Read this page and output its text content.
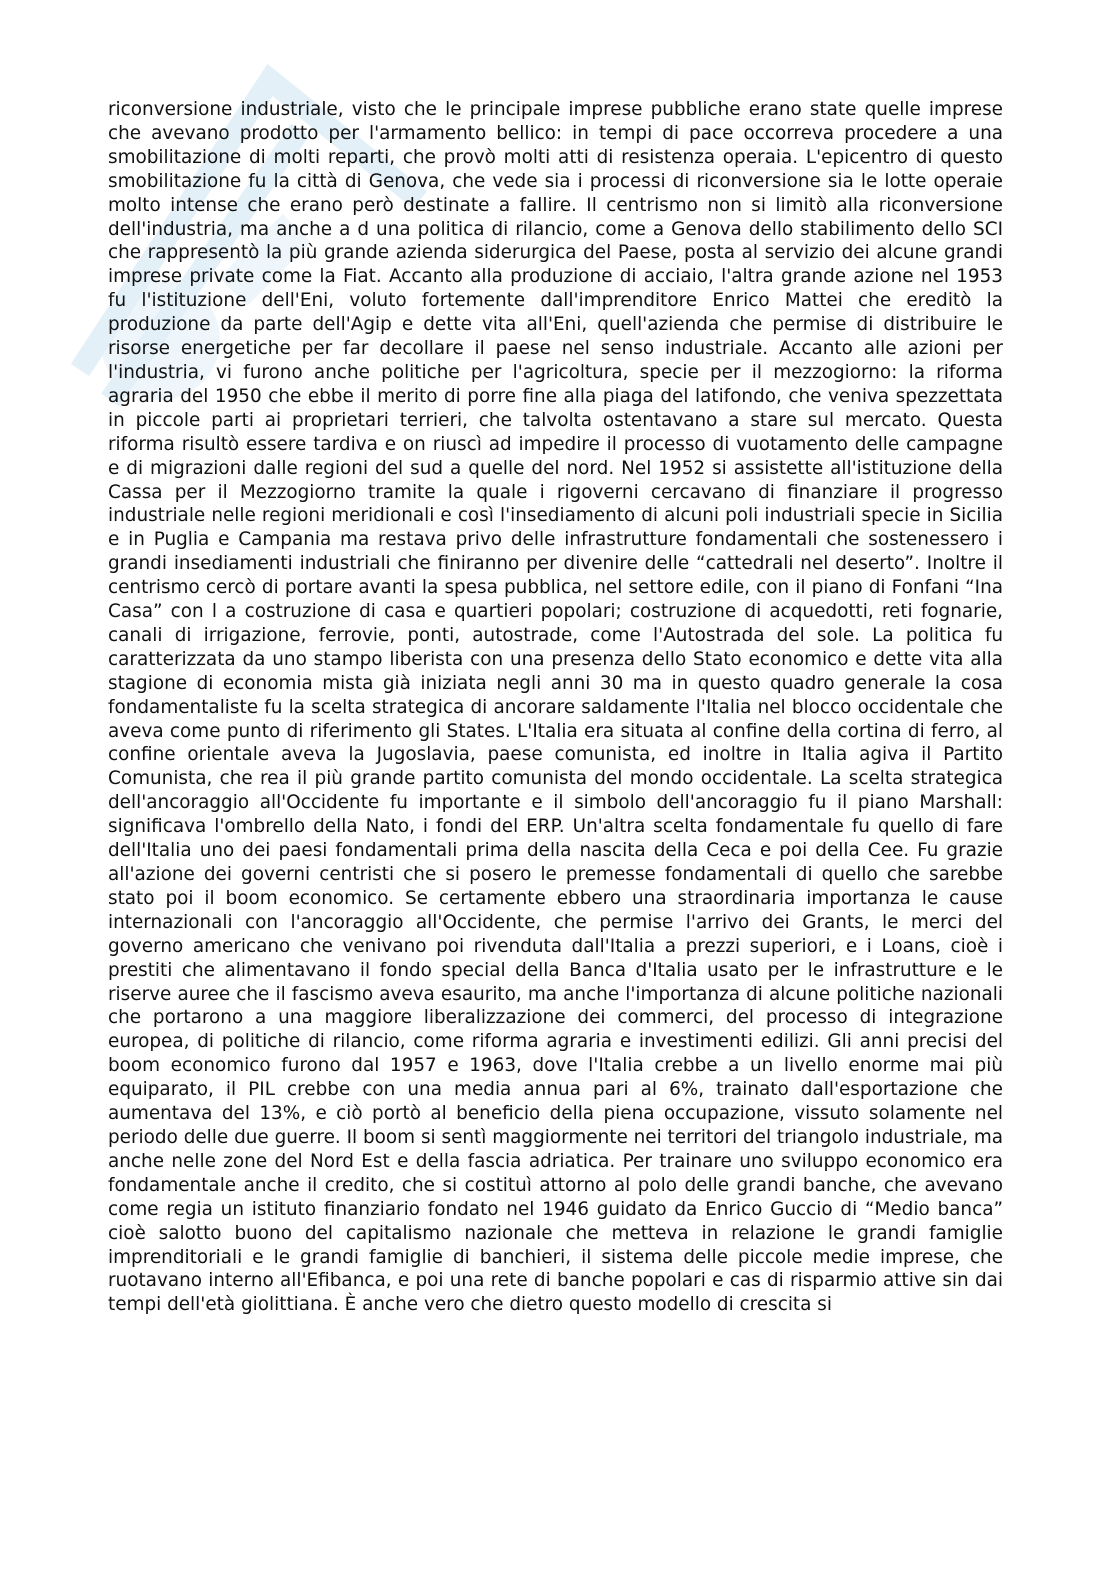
riconversione industriale, visto che le principale imprese pubbliche erano state quelle imprese che avevano prodotto per l'armamento bellico: in tempi di pace occorreva procedere a una smobilitazione di molti reparti, che provò molti atti di resistenza operaia. L'epicentro di questo smobilitazione fu la città di Genova, che vede sia i processi di riconversione sia le lotte operaie molto intense che erano però destinate a fallire. Il centrismo non si limitò alla riconversione dell'industria, ma anche a d una politica di rilancio, come a Genova dello stabilimento dello SCI che rappresentò la più grande azienda siderurgica del Paese, posta al servizio dei alcune grandi imprese private come la Fiat. Accanto alla produzione di acciaio, l'altra grande azione nel 1953 fu l'istituzione dell'Eni, voluto fortemente dall'imprenditore Enrico Mattei che ereditò la produzione da parte dell'Agip e dette vita all'Eni, quell'azienda che permise di distribuire le risorse energetiche per far decollare il paese nel senso industriale. Accanto alle azioni per l'industria, vi furono anche politiche per l'agricoltura, specie per il mezzogiorno: la riforma agraria del 1950 che ebbe il merito di porre fine alla piaga del latifondo, che veniva spezzettata in piccole parti ai proprietari terrieri, che talvolta ostentavano a stare sul mercato. Questa riforma risultò essere tardiva e on riuscì ad impedire il processo di vuotamento delle campagne e di migrazioni dalle regioni del sud a quelle del nord. Nel 1952 si assistette all'istituzione della Cassa per il Mezzogiorno tramite la quale i rigoverni cercavano di finanziare il progresso industriale nelle regioni meridionali e così l'insediamento di alcuni poli industriali specie in Sicilia e in Puglia e Campania ma restava privo delle infrastrutture fondamentali che sostenessero i grandi insediamenti industriali che finiranno per divenire delle “cattedrali nel deserto”. Inoltre il centrismo cercò di portare avanti la spesa pubblica, nel settore edile, con il piano di Fonfani “Ina Casa” con l a costruzione di casa e quartieri popolari; costruzione di acquedotti, reti fognarie, canali di irrigazione, ferrovie, ponti, autostrade, come l'Autostrada del sole. La politica fu caratterizzata da uno stampo liberista con una presenza dello Stato economico e dette vita alla stagione di economia mista già iniziata negli anni 30 ma in questo quadro generale la cosa fondamentaliste fu la scelta strategica di ancorare saldamente l'Italia nel blocco occidentale che aveva come punto di riferimento gli States. L'Italia era situata al confine della cortina di ferro, al confine orientale aveva la Jugoslavia, paese comunista, ed inoltre in Italia agiva il Partito Comunista, che rea il più grande partito comunista del mondo occidentale. La scelta strategica dell'ancoraggio all'Occidente fu importante e il simbolo dell'ancoraggio fu il piano Marshall: significava l'ombrello della Nato, i fondi del ERP. Un'altra scelta fondamentale fu quello di fare dell'Italia uno dei paesi fondamentali prima della nascita della Ceca e poi della Cee. Fu grazie all'azione dei governi centristi che si posero le premesse fondamentali di quello che sarebbe stato poi il boom economico. Se certamente ebbero una straordinaria importanza le cause internazionali con l'ancoraggio all'Occidente, che permise l'arrivo dei Grants, le merci del governo americano che venivano poi rivenduta dall'Italia a prezzi superiori, e i Loans, cioè i prestiti che alimentavano il fondo special della Banca d'Italia usato per le infrastrutture e le riserve auree che il fascismo aveva esaurito, ma anche l'importanza di alcune politiche nazionali che portarono a una maggiore liberalizzazione dei commerci, del processo di integrazione europea, di politiche di rilancio, come riforma agraria e investimenti edilizi. Gli anni precisi del boom economico furono dal 1957 e 1963, dove l'Italia crebbe a un livello enorme mai più equiparato, il PIL crebbe con una media annua pari al 6%, trainato dall'esportazione che aumentava del 13%, e ciò portò al beneficio della piena occupazione, vissuto solamente nel periodo delle due guerre. Il boom si sentì maggiormente nei territori del triangolo industriale, ma anche nelle zone del Nord Est e della fascia adriatica. Per trainare uno sviluppo economico era fondamentale anche il credito, che si costituì attorno al polo delle grandi banche, che avevano come regia un istituto finanziario fondato nel 1946 guidato da Enrico Guccio di “Medio banca” cioè salotto buono del capitalismo nazionale che metteva in relazione le grandi famiglie imprenditoriali e le grandi famiglie di banchieri, il sistema delle piccole medie imprese, che ruotavano interno all'Efibanca, e poi una rete di banche popolari e cas di risparmio attive sin dai tempi dell'età giolittiana. È anche vero che dietro questo modello di crescita si
